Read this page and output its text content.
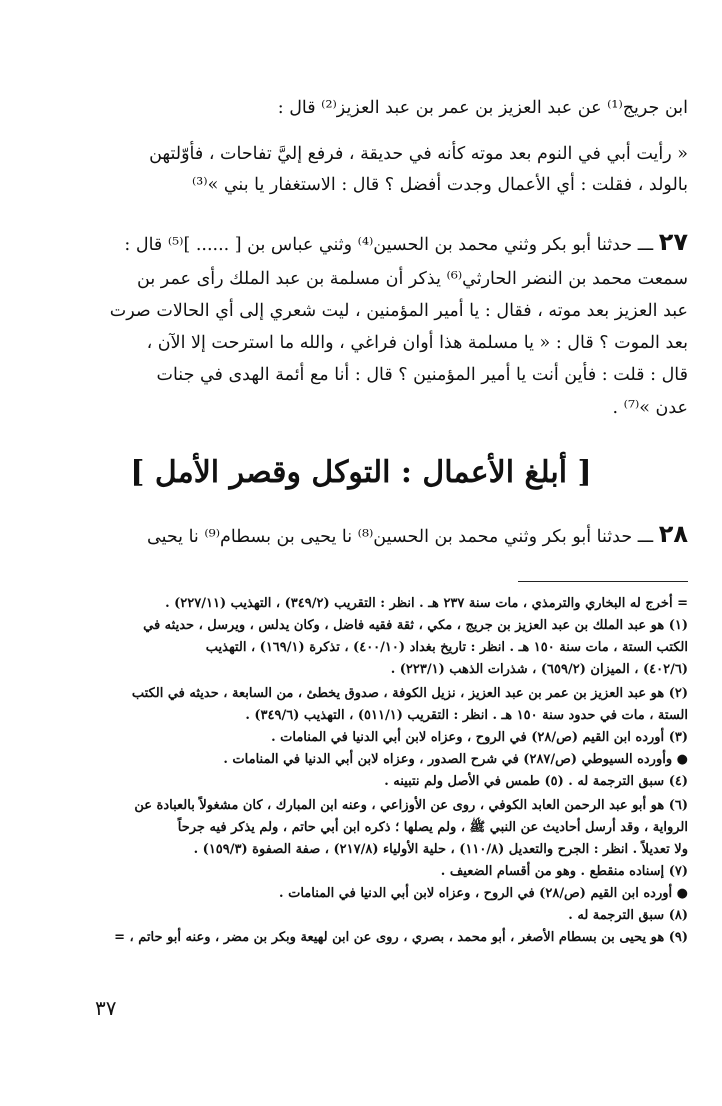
ابن جريج⁽¹⁾ عن عبد العزيز بن عمر بن عبد العزيز⁽²⁾ قال :
« رأيت أبي في النوم بعد موته كأنه في حديقة ، فرفع إليَّ تفاحات ، فأوّلتهن
بالولد ، فقلت : أي الأعمال وجدت أفضل ؟ قال : الاستغفار يا بني »⁽³⁾
٢٧ ـــ حدثنا أبو بكر وثني محمد بن الحسين⁽⁴⁾ وثني عباس بن [ ...... ]⁽⁵⁾ قال :
سمعت محمد بن النضر الحارثي⁽⁶⁾ يذكر أن مسلمة بن عبد الملك رأى عمر بن
عبد العزيز بعد موته ، فقال : يا أمير المؤمنين ، ليت شعري إلى أي الحالات صرت
بعد الموت ؟ قال : « يا مسلمة هذا أوان فراغي ، والله ما استرحت إلا الآن ،
قال : قلت : فأين أنت يا أمير المؤمنين ؟ قال : أنا مع أئمة الهدى في جنات
عدن »⁽⁷⁾ .
[ أبلغ الأعمال : التوكل وقصر الأمل ]
٢٨ ـــ حدثنا أبو بكر وثني محمد بن الحسين⁽⁸⁾ نا يحيى بن بسطام⁽⁹⁾ نا يحيى
= أخرج له البخاري والترمذي ، مات سنة ٢٣٧ هـ . انظر : التقريب (٣٤٩/٢) ، التهذيب (٢٢٧/١١) .
(١) هو عبد الملك بن عبد العزيز بن جريج ، مكي ، ثقة فقيه فاضل ، وكان يدلس ، ويرسل ، حديثه في
الكتب الستة ، مات سنة ١٥٠ هـ . انظر : تاريخ بغداد (٤٠٠/١٠) ، تذكرة (١٦٩/١) ، التهذيب
(٤٠٢/٦) ، الميزان (٦٥٩/٢) ، شذرات الذهب (٢٢٣/١) .
(٢) هو عبد العزيز بن عمر بن عبد العزيز ، نزيل الكوفة ، صدوق يخطئ ، من السابعة ، حديثه في الكتب
الستة ، مات في حدود سنة ١٥٠ هـ . انظر : التقريب (٥١١/١) ، التهذيب (٣٤٩/٦) .
(٣) أورده ابن القيم (ص/٢٨) في الروح ، وعزاه لابن أبي الدنيا في المنامات .
● وأورده السيوطي (ص/٢٨٧) في شرح الصدور ، وعزاه لابن أبي الدنيا في المنامات .
(٤) سبق الترجمة له . (٥) طمس في الأصل ولم نتبينه .
(٦) هو أبو عبد الرحمن العابد الكوفي ، روى عن الأوزاعي ، وعنه ابن المبارك ، كان مشغولاً بالعبادة عن
الرواية ، وقد أرسل أحاديث عن النبي ﷺ ، ولم يصلها ؛ ذكره ابن أبي حاتم ، ولم يذكر فيه جرحاً
ولا تعديلاً . انظر : الجرح والتعديل (١١٠/٨) ، حلية الأولياء (٢١٧/٨) ، صفة الصفوة (١٥٩/٣) .
(٧) إسناده منقطع . وهو من أقسام الضعيف .
● أورده ابن القيم (ص/٢٨) في الروح ، وعزاه لابن أبي الدنيا في المنامات .
(٨) سبق الترجمة له .
(٩) هو يحيى بن بسطام الأصغر ، أبو محمد ، بصري ، روى عن ابن لهيعة وبكر بن مضر ، وعنه أبو حاتم ، =
٣٧
